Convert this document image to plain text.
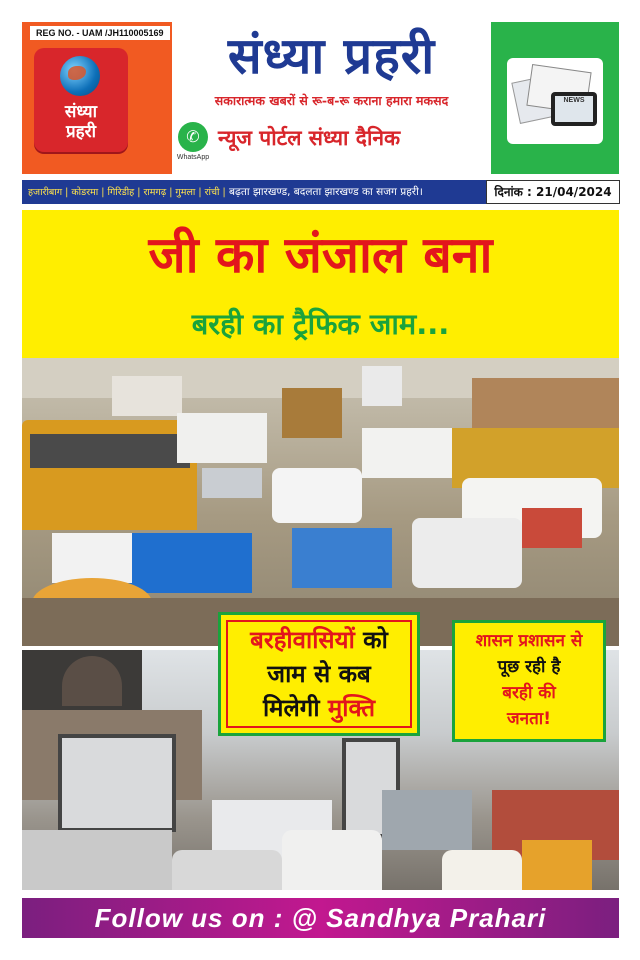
REG NO. - UAM /JH110005169
संध्या
प्रहरी
NEWS
संध्या प्रहरी
सकारात्मक खबरों से रू-ब-रू कराना हमारा मकसद
✆
WhatsApp
न्यूज पोर्टल संध्या दैनिक
हजारीबाग | कोडरमा | गिरिडीह | रामगढ़ | गुमला | रांची | बढ़ता झारखण्ड, बदलता झारखण्ड का सजग प्रहरी।	दिनांक : 21/04/2024
जी का जंजाल बना
बरही का ट्रैफिक जाम...
बरहीवासियों को
जाम से कब
मिलेगी मुक्ति
शासन प्रशासन से
पूछ रही है
बरही की
जनता!
Follow us on : @ Sandhya Prahari
